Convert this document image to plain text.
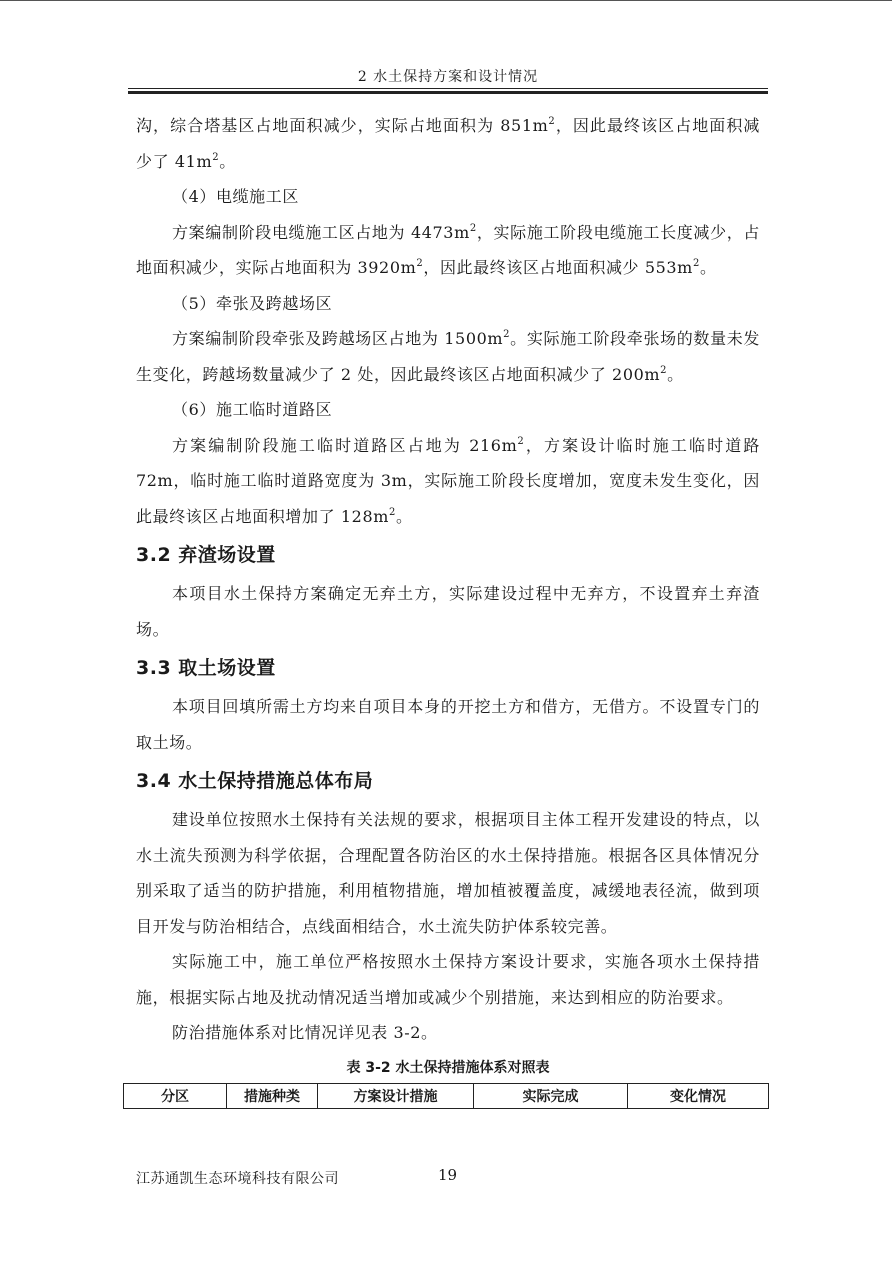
2 水土保持方案和设计情况

沟，综合塔基区占地面积减少，实际占地面积为 $851m^2$，因此最终该区占地面积减少了 $41m^2$。

（4）电缆施工区

方案编制阶段电缆施工区占地为 $4473m^2$，实际施工阶段电缆施工长度减少，占地面积减少，实际占地面积为 $3920m^2$，因此最终该区占地面积减少 $553m^2$。

（5）牵张及跨越场区

方案编制阶段牵张及跨越场区占地为 $1500m^2$。实际施工阶段牵张场的数量未发生变化，跨越场数量减少了 2 处，因此最终该区占地面积减少了 $200m^2$。

（6）施工临时道路区

方案编制阶段施工临时道路区占地为 $216m^2$，方案设计临时施工临时道路 72m，临时施工临时道路宽度为 3m，实际施工阶段长度增加，宽度未发生变化，因此最终该区占地面积增加了 $128m^2$。

3.2 弃渣场设置

本项目水土保持方案确定无弃土方，实际建设过程中无弃方，不设置弃土弃渣场。

3.3 取土场设置

本项目回填所需土方均来自项目本身的开挖土方和借方，无借方。不设置专门的取土场。

3.4 水土保持措施总体布局

建设单位按照水土保持有关法规的要求，根据项目主体工程开发建设的特点，以水土流失预测为科学依据，合理配置各防治区的水土保持措施。根据各区具体情况分别采取了适当的防护措施，利用植物措施，增加植被覆盖度，减缓地表径流，做到项目开发与防治相结合，点线面相结合，水土流失防护体系较完善。

实际施工中，施工单位严格按照水土保持方案设计要求，实施各项水土保持措施，根据实际占地及扰动情况适当增加或减少个别措施，来达到相应的防治要求。

防治措施体系对比情况详见表 3-2。

表 3-2 水土保持措施体系对照表
分区	措施种类	方案设计措施	实际完成	变化情况
江苏通凯生态环境科技有限公司	19
